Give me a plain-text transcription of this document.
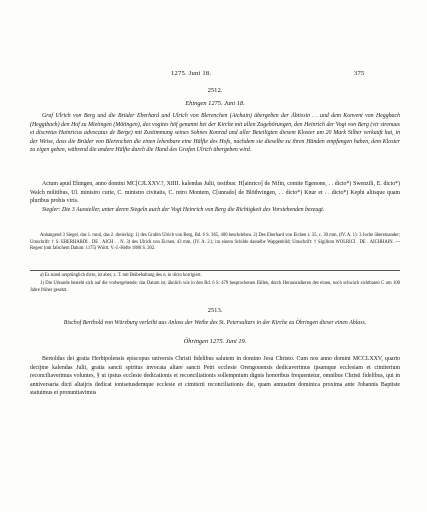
1275. Juni 18.	375
2512.
Ehingen 1275. Juni 18.

Graf Ulrich von Berg und die Brüder Eberhard und Ulrich von Blerenchen (Aichain) übergeben der Äbtissin . . und dem Konvent von Heggbach (Heggibach) den Hof zu Mietingen (Mötingen), des vogites höf genannt bei der Kirche mit allen Zugehörungen, den Heinrich der Vogt von Berg (vir strenuus et discretus Hainricus advocatus de Berge) mit Zustimmung seines Sohnes Konrad und aller Beteiligten diesem Kloster um 20 Mark Silber verkauft hat, in der Weise, dass die Brüder von Blerenchen die einen lehenbare eine Hälfte des Hofs, nachdem sie dieselbe zu ihren Händen empfangen haben, dem Kloster zu eigen geben, während die andere Hälfte durch die Hand des Grafen Ulrich übergeben wird.

Actum apud Ehingen, anno domini MC[CJLXXV.?, XIIII. kalendas Julii, testibus: H[ainrico] de Nifin, comite Egenone, . . dicto*) Swenzili, E. dicto*) Walch militibus, Ul. ministro curie, C. ministro civitatis, C. retro Montem, C[unrado] de Blöthvingen, . . dicto*) Knur et . . dicto*) Kephi aliisque quam pluribus probis viris.

Siegler: Die 3 Aussteller, unter deren Siegeln auch der Vogt Heinrich von Berg die Richtigkeit des Vorstehenden bezeugt.

Anhangend 3 Siegel, das 1. rund, das 2. dreieckig: 1) des Grafen Ulrich von Berg, Bd. 6 S. 365, 400 beschrieben. 2) Des Eberhard von Eichen s. 35, c. 30 mm, (IV. A. 1): 3 Joche übereinander; Umschrift: † S. EBERHARDI . DE . AICH . . N. 3) des Ulrich von Eichen, 43 mm, (IV. A. 2.); im einem Schilde dasselbe Wappenbild; Umschrift: † Sigillum WOLRICI . DE . AICHHAIN. — Regest (mit falschem Datum: 1175) Württ. V.-J.-Hefte 1880 S. 202.

a) Es stand ursprünglich dicto, ist aber, z. T. mit Beibehaltung des o, in dicto korrigiert.

1) Die Urkunde besteht sich auf die vorhergehende; das Datum ist, ähnlich wie in den Bd. 6 S. 479 besprochenen Fällen, durch Herausradieren des einen, noch schwach sichtbaren C um 100 Jahre früher gesetzt.

2513.

Bischof Berthold von Würzburg verleiht aus Anlass der Weihe des St. Petersaltars in der Kirche zu Öhringen dieser einen Ablass.

Öhringen 1275. Juni 19.

Bertoldus dei gratia Herbipolensis episcopus universis Christi fidelibus salutem in domino Jesu Christo. Cum nos anno domini MCCLXXV, quarto decijme kalendas Julii, gratia sancti spiritus invocata altare sancti Petri ecclesie Orengouensis dedicaverimus ipsamque ecclesiam et cimiterium reconciliaverimus voluntes, § ut ipsius ecclesie dedicationis et reconciliationis sollempnium dignis honoribus frequentetur, omnibus Christi fidelibus, qui in anniversaria dicti altaijris dedicat ionisetusdemque ecclesie et cimiterii reconciliationis die, quam annuatim dominica proxima ante Johannis Baptiste statuimus et pronuntiavimus
